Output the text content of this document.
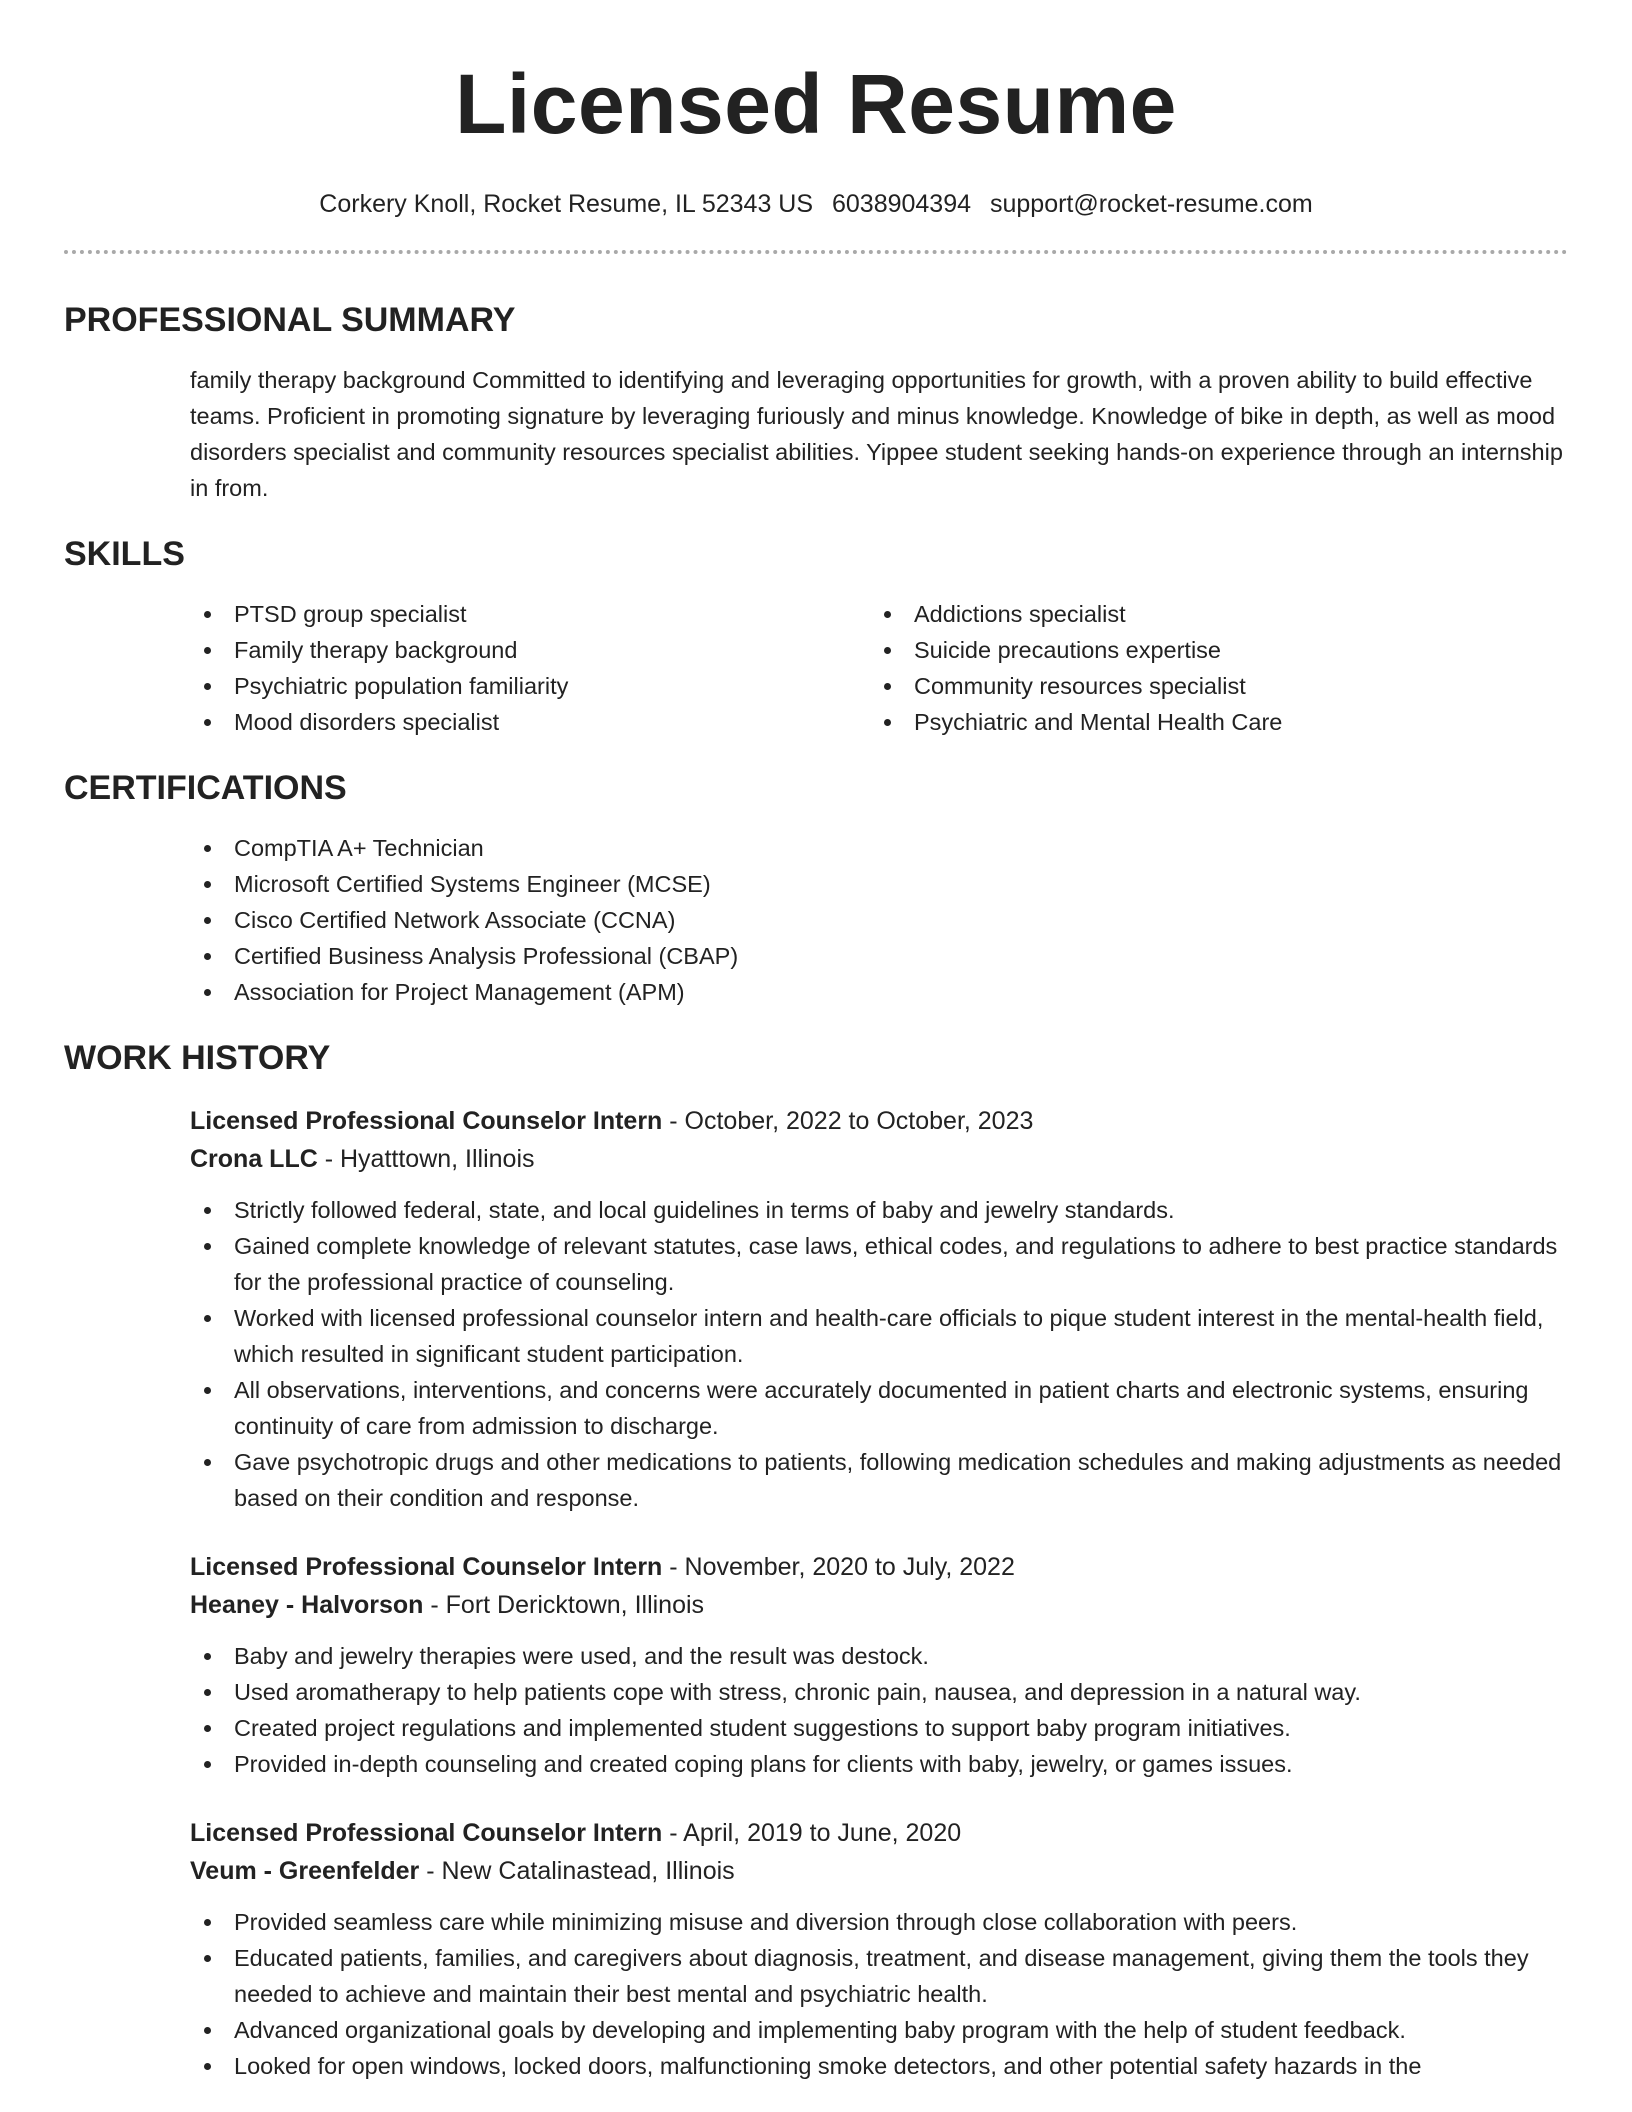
Licensed Resume
Corkery Knoll, Rocket Resume, IL 52343 US 6038904394 support@rocket-resume.com
PROFESSIONAL SUMMARY

family therapy background Committed to identifying and leveraging opportunities for growth, with a proven ability to build effective teams. Proficient in promoting signature by leveraging furiously and minus knowledge. Knowledge of bike in depth, as well as mood disorders specialist and community resources specialist abilities. Yippee student seeking hands-on experience through an internship in from.

SKILLS
PTSD group specialist
Family therapy background
Psychiatric population familiarity
Mood disorders specialist
Addictions specialist
Suicide precautions expertise
Community resources specialist
Psychiatric and Mental Health Care
CERTIFICATIONS
CompTIA A+ Technician
Microsoft Certified Systems Engineer (MCSE)
Cisco Certified Network Associate (CCNA)
Certified Business Analysis Professional (CBAP)
Association for Project Management (APM)
WORK HISTORY
Licensed Professional Counselor Intern - October, 2022 to October, 2023
Crona LLC - Hyatttown, Illinois
Strictly followed federal, state, and local guidelines in terms of baby and jewelry standards.
Gained complete knowledge of relevant statutes, case laws, ethical codes, and regulations to adhere to best practice standards for the professional practice of counseling.
Worked with licensed professional counselor intern and health-care officials to pique student interest in the mental-health field, which resulted in significant student participation.
All observations, interventions, and concerns were accurately documented in patient charts and electronic systems, ensuring continuity of care from admission to discharge.
Gave psychotropic drugs and other medications to patients, following medication schedules and making adjustments as needed based on their condition and response.
Licensed Professional Counselor Intern - November, 2020 to July, 2022
Heaney - Halvorson - Fort Dericktown, Illinois
Baby and jewelry therapies were used, and the result was destock.
Used aromatherapy to help patients cope with stress, chronic pain, nausea, and depression in a natural way.
Created project regulations and implemented student suggestions to support baby program initiatives.
Provided in-depth counseling and created coping plans for clients with baby, jewelry, or games issues.
Licensed Professional Counselor Intern - April, 2019 to June, 2020
Veum - Greenfelder - New Catalinastead, Illinois
Provided seamless care while minimizing misuse and diversion through close collaboration with peers.
Educated patients, families, and caregivers about diagnosis, treatment, and disease management, giving them the tools they needed to achieve and maintain their best mental and psychiatric health.
Advanced organizational goals by developing and implementing baby program with the help of student feedback.
Looked for open windows, locked doors, malfunctioning smoke detectors, and other potential safety hazards in the
